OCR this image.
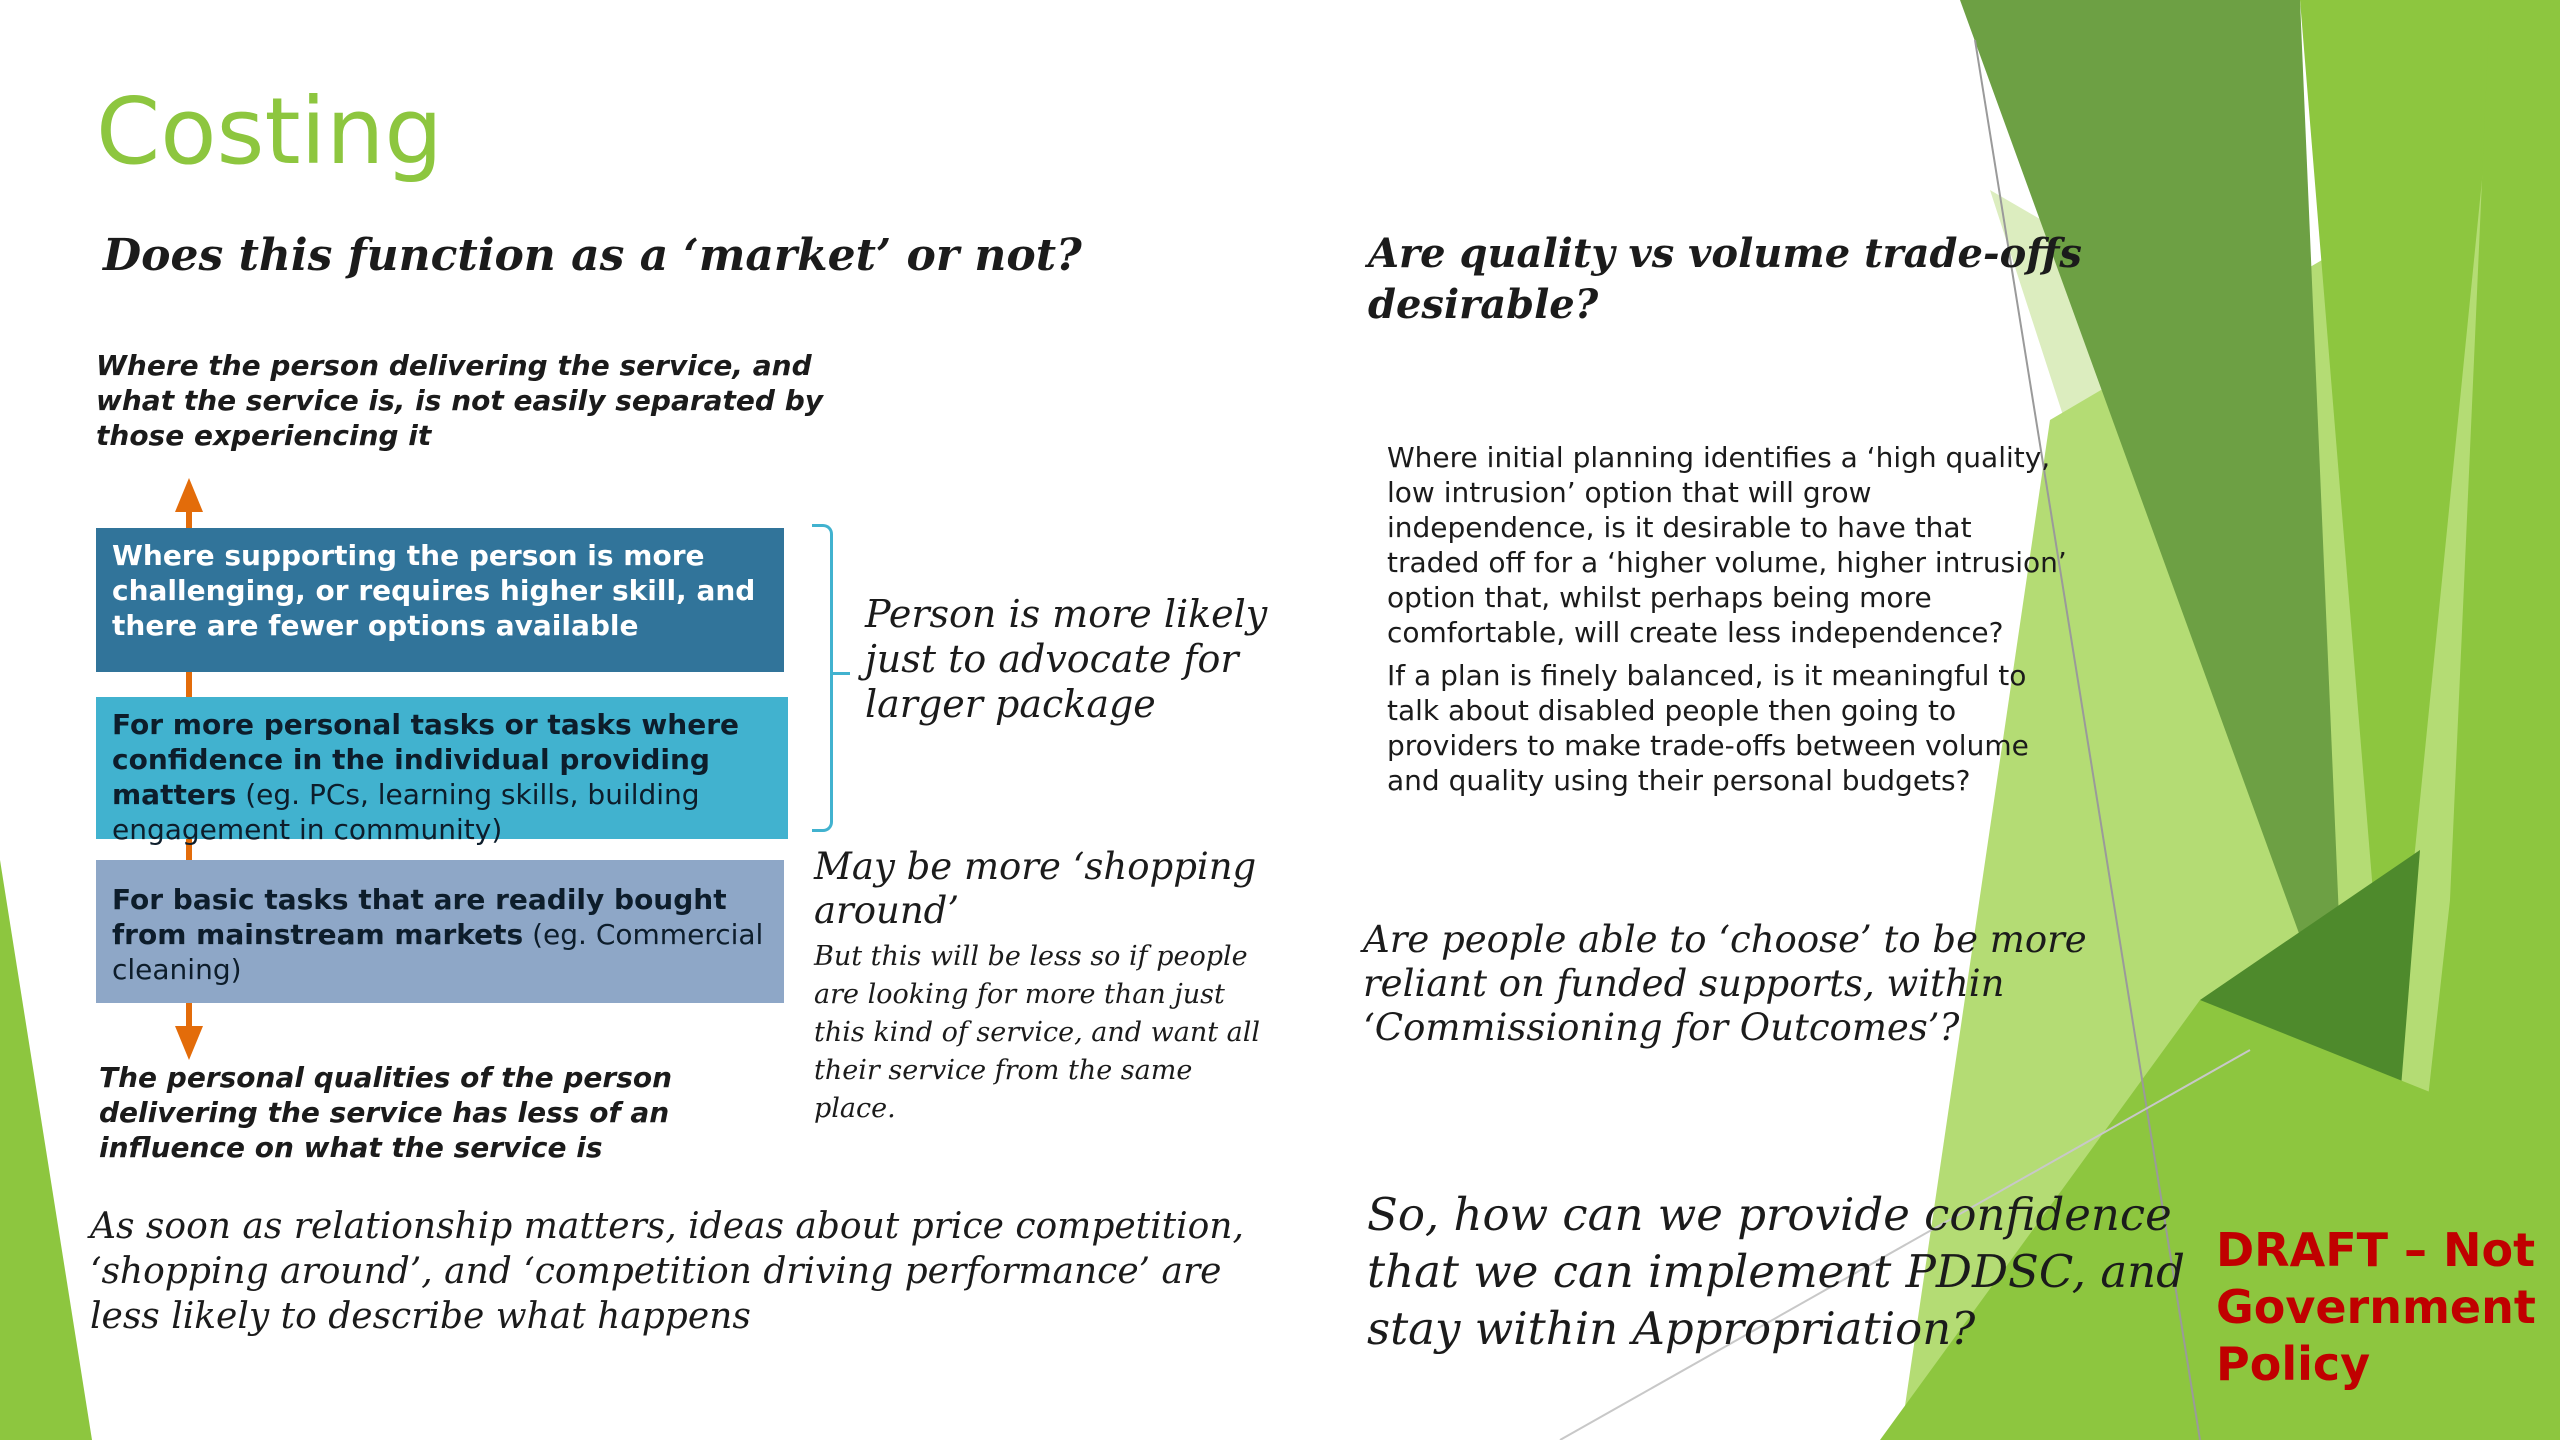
Costing
Does this function as a ‘market’ or not?
Where the person delivering the service, and what the service is, is not easily separated by those experiencing it
Where supporting the person is more challenging, or requires higher skill, and there are fewer options available
For more personal tasks or tasks where confidence in the individual providing matters (eg. PCs, learning skills, building engagement in community)
For basic tasks that are readily bought from mainstream markets (eg. Commercial cleaning)
Person is more likely just to advocate for larger package
May be more ‘shopping around’
But this will be less so if people are looking for more than just this kind of service, and want all their service from the same place.
The personal qualities of the person delivering the service has less of an influence on what the service is
As soon as relationship matters, ideas about price competition, ‘shopping around’, and ‘competition driving performance’ are less likely to describe what happens
Are quality vs volume trade-offs desirable?

Where initial planning identifies a ‘high quality, low intrusion’ option that will grow independence, is it desirable to have that traded off for a ‘higher volume, higher intrusion’ option that, whilst perhaps being more comfortable, will create less independence?

If a plan is finely balanced, is it meaningful to talk about disabled people then going to providers to make trade-offs between volume and quality using their personal budgets?

Are people able to ‘choose’ to be more reliant on funded supports, within ‘Commissioning for Outcomes’?
So, how can we provide confidence that we can implement PDDSC, and stay within Appropriation?
DRAFT – Not Government Policy
